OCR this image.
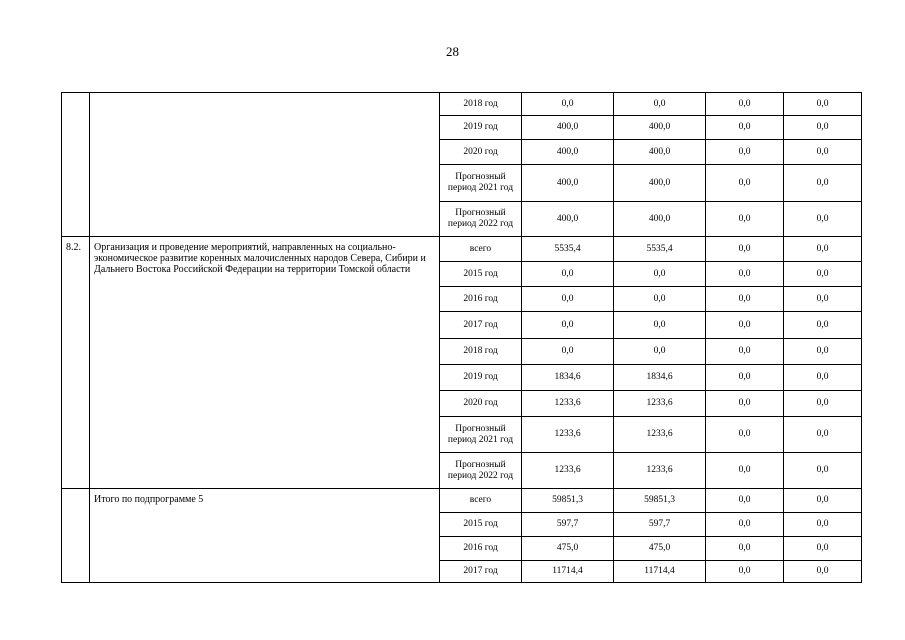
28
		2018 год	0,0	0,0	0,0	0,0
		2019 год	400,0	400,0	0,0	0,0
		2020 год	400,0	400,0	0,0	0,0
		Прогнозный период 2021 год	400,0	400,0	0,0	0,0
		Прогнозный период 2022 год	400,0	400,0	0,0	0,0
8.2.	Организация и проведение мероприятий, направленных на социально-экономическое развитие коренных малочисленных народов Севера, Сибири и Дальнего Востока Российской Федерации на территории Томской области	всего	5535,4	5535,4	0,0	0,0
		2015 год	0,0	0,0	0,0	0,0
		2016 год	0,0	0,0	0,0	0,0
		2017 год	0,0	0,0	0,0	0,0
		2018 год	0,0	0,0	0,0	0,0
		2019 год	1834,6	1834,6	0,0	0,0
		2020 год	1233,6	1233,6	0,0	0,0
		Прогнозный период 2021 год	1233,6	1233,6	0,0	0,0
		Прогнозный период 2022 год	1233,6	1233,6	0,0	0,0
	Итого по подпрограмме 5	всего	59851,3	59851,3	0,0	0,0
		2015 год	597,7	597,7	0,0	0,0
		2016 год	475,0	475,0	0,0	0,0
		2017 год	11714,4	11714,4	0,0	0,0
